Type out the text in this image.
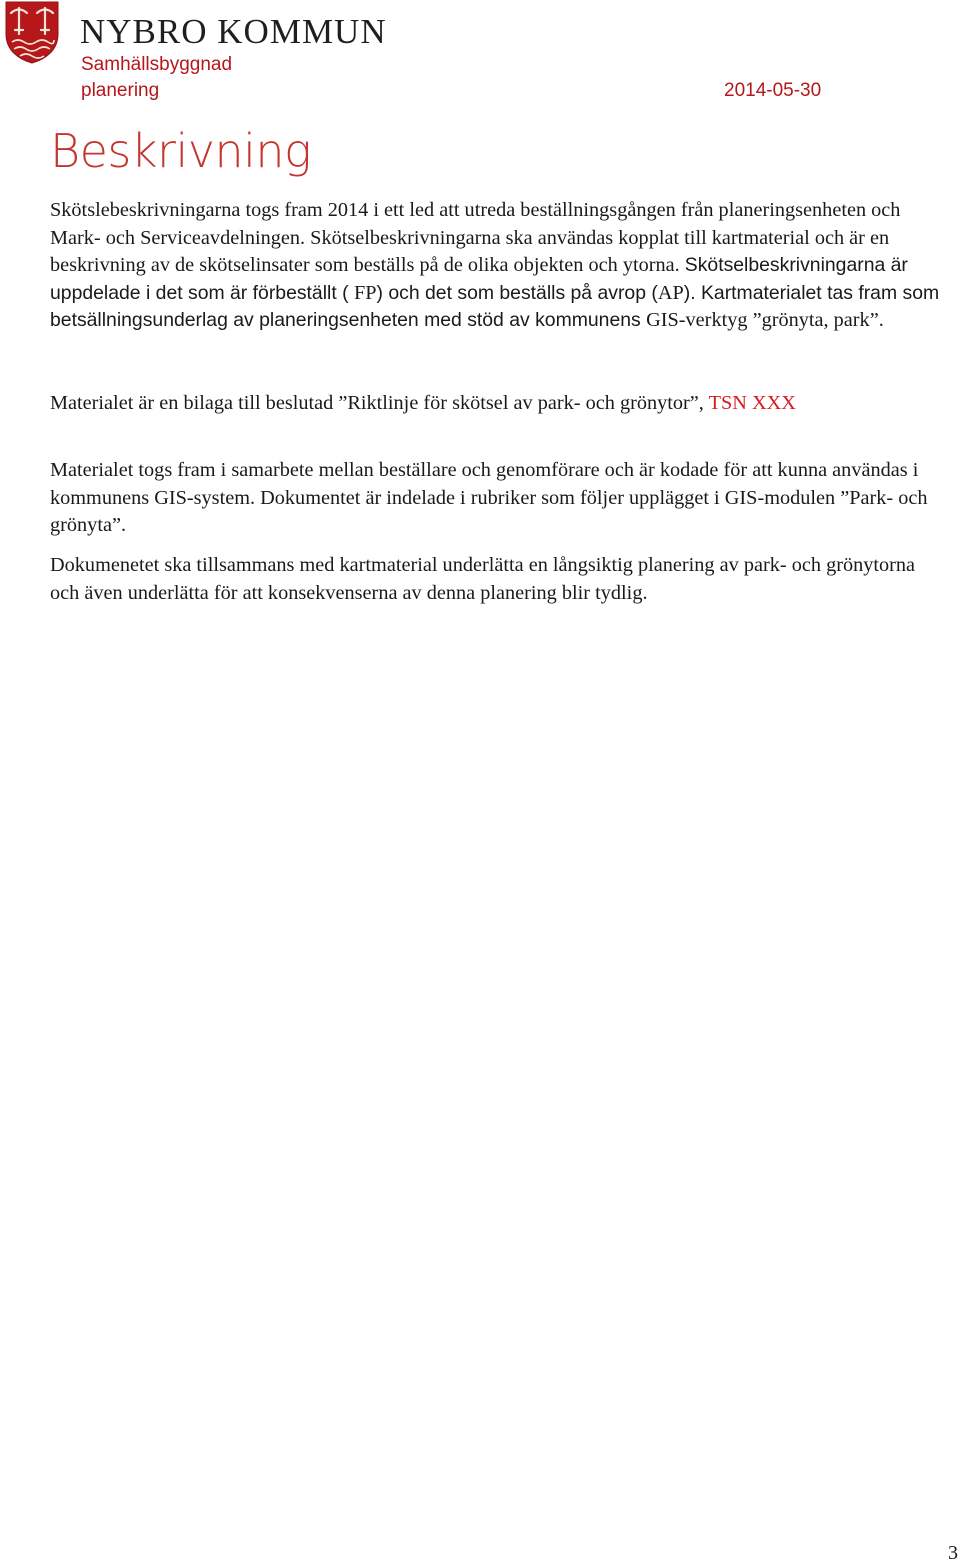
NYBRO KOMMUN
Samhällsbyggnad
planering	2014-05-30
Beskrivning
Skötslebeskrivningarna togs fram 2014 i ett led att utreda beställningsgången från planeringsenheten och Mark- och Serviceavdelningen. Skötselbeskrivningarna ska användas kopplat till kartmaterial och är en beskrivning av de skötselinsater som beställs på de olika objekten och ytorna. Skötselbeskrivningarna är uppdelade i det som är förbeställt ( FP) och det som beställs på avrop (AP). Kartmaterialet tas fram som betsällningsunderlag av planeringsenheten med stöd av kommunens GIS-verktyg ”grönyta, park”.
Materialet är en bilaga till beslutad ”Riktlinje för skötsel av park- och grönytor”, TSN XXX
Materialet togs fram i samarbete mellan beställare och genomförare och är kodade för att kunna användas i kommunens GIS-system. Dokumentet är indelade i rubriker som följer upplägget i GIS-modulen ”Park- och grönyta”.
Dokumenetet ska tillsammans med kartmaterial underlätta en långsiktig planering av park- och grönytorna och även underlätta för att konsekvenserna av denna planering blir tydlig.
3
